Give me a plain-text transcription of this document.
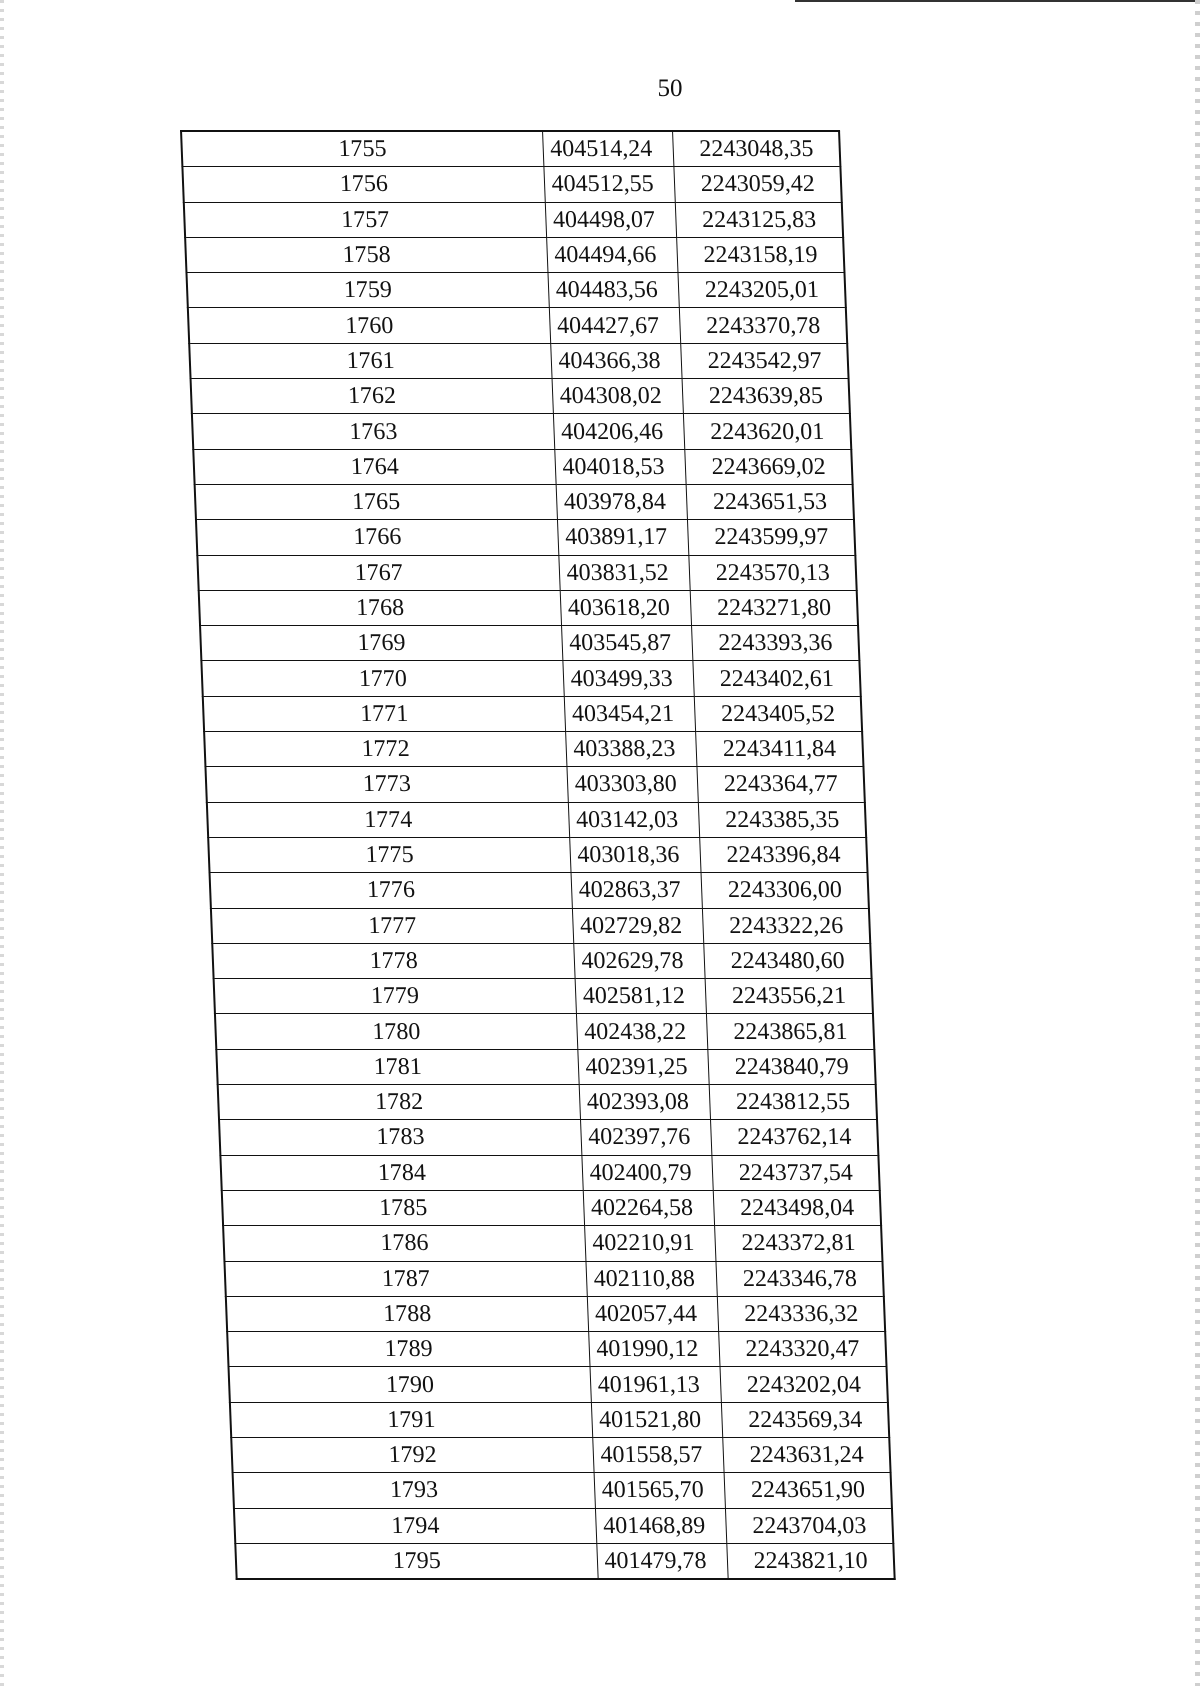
50
1755	404514,24	2243048,35
1756	404512,55	2243059,42
1757	404498,07	2243125,83
1758	404494,66	2243158,19
1759	404483,56	2243205,01
1760	404427,67	2243370,78
1761	404366,38	2243542,97
1762	404308,02	2243639,85
1763	404206,46	2243620,01
1764	404018,53	2243669,02
1765	403978,84	2243651,53
1766	403891,17	2243599,97
1767	403831,52	2243570,13
1768	403618,20	2243271,80
1769	403545,87	2243393,36
1770	403499,33	2243402,61
1771	403454,21	2243405,52
1772	403388,23	2243411,84
1773	403303,80	2243364,77
1774	403142,03	2243385,35
1775	403018,36	2243396,84
1776	402863,37	2243306,00
1777	402729,82	2243322,26
1778	402629,78	2243480,60
1779	402581,12	2243556,21
1780	402438,22	2243865,81
1781	402391,25	2243840,79
1782	402393,08	2243812,55
1783	402397,76	2243762,14
1784	402400,79	2243737,54
1785	402264,58	2243498,04
1786	402210,91	2243372,81
1787	402110,88	2243346,78
1788	402057,44	2243336,32
1789	401990,12	2243320,47
1790	401961,13	2243202,04
1791	401521,80	2243569,34
1792	401558,57	2243631,24
1793	401565,70	2243651,90
1794	401468,89	2243704,03
1795	401479,78	2243821,10
